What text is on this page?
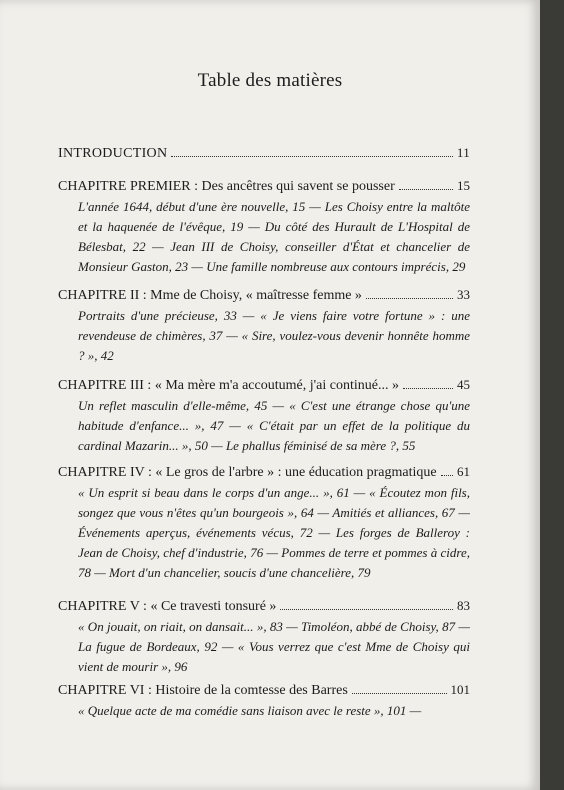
Table des matières
INTRODUCTION	11
CHAPITRE PREMIER : Des ancêtres qui savent se pousser	15
L'année 1644, début d'une ère nouvelle, 15 — Les Choisy entre la maltôte et la haquenée de l'évêque, 19 — Du côté des Hurault de L'Hospital de Bélesbat, 22 — Jean III de Choisy, conseiller d'État et chancelier de Monsieur Gaston, 23 — Une famille nombreuse aux contours imprécis, 29
CHAPITRE II : Mme de Choisy, « maîtresse femme »	33
Portraits d'une précieuse, 33 — « Je viens faire votre fortune » : une revendeuse de chimères, 37 — « Sire, voulez-vous devenir honnête homme ? », 42
CHAPITRE III : « Ma mère m'a accoutumé, j'ai continué... »	45
Un reflet masculin d'elle-même, 45 — « C'est une étrange chose qu'une habitude d'enfance... », 47 — « C'était par un effet de la politique du cardinal Mazarin... », 50 — Le phallus féminisé de sa mère ?, 55
CHAPITRE IV : « Le gros de l'arbre » : une éducation pragmatique 61
« Un esprit si beau dans le corps d'un ange... », 61 — « Écoutez mon fils, songez que vous n'êtes qu'un bourgeois », 64 — Amitiés et alliances, 67 — Événements aperçus, événements vécus, 72 — Les forges de Balleroy : Jean de Choisy, chef d'industrie, 76 — Pommes de terre et pommes à cidre, 78 — Mort d'un chancelier, soucis d'une chancelière, 79
CHAPITRE V : « Ce travesti tonsuré »	83
« On jouait, on riait, on dansait... », 83 — Timoléon, abbé de Choisy, 87 — La fugue de Bordeaux, 92 — « Vous verrez que c'est Mme de Choisy qui vient de mourir », 96
CHAPITRE VI : Histoire de la comtesse des Barres	101
« Quelque acte de ma comédie sans liaison avec le reste », 101 —
